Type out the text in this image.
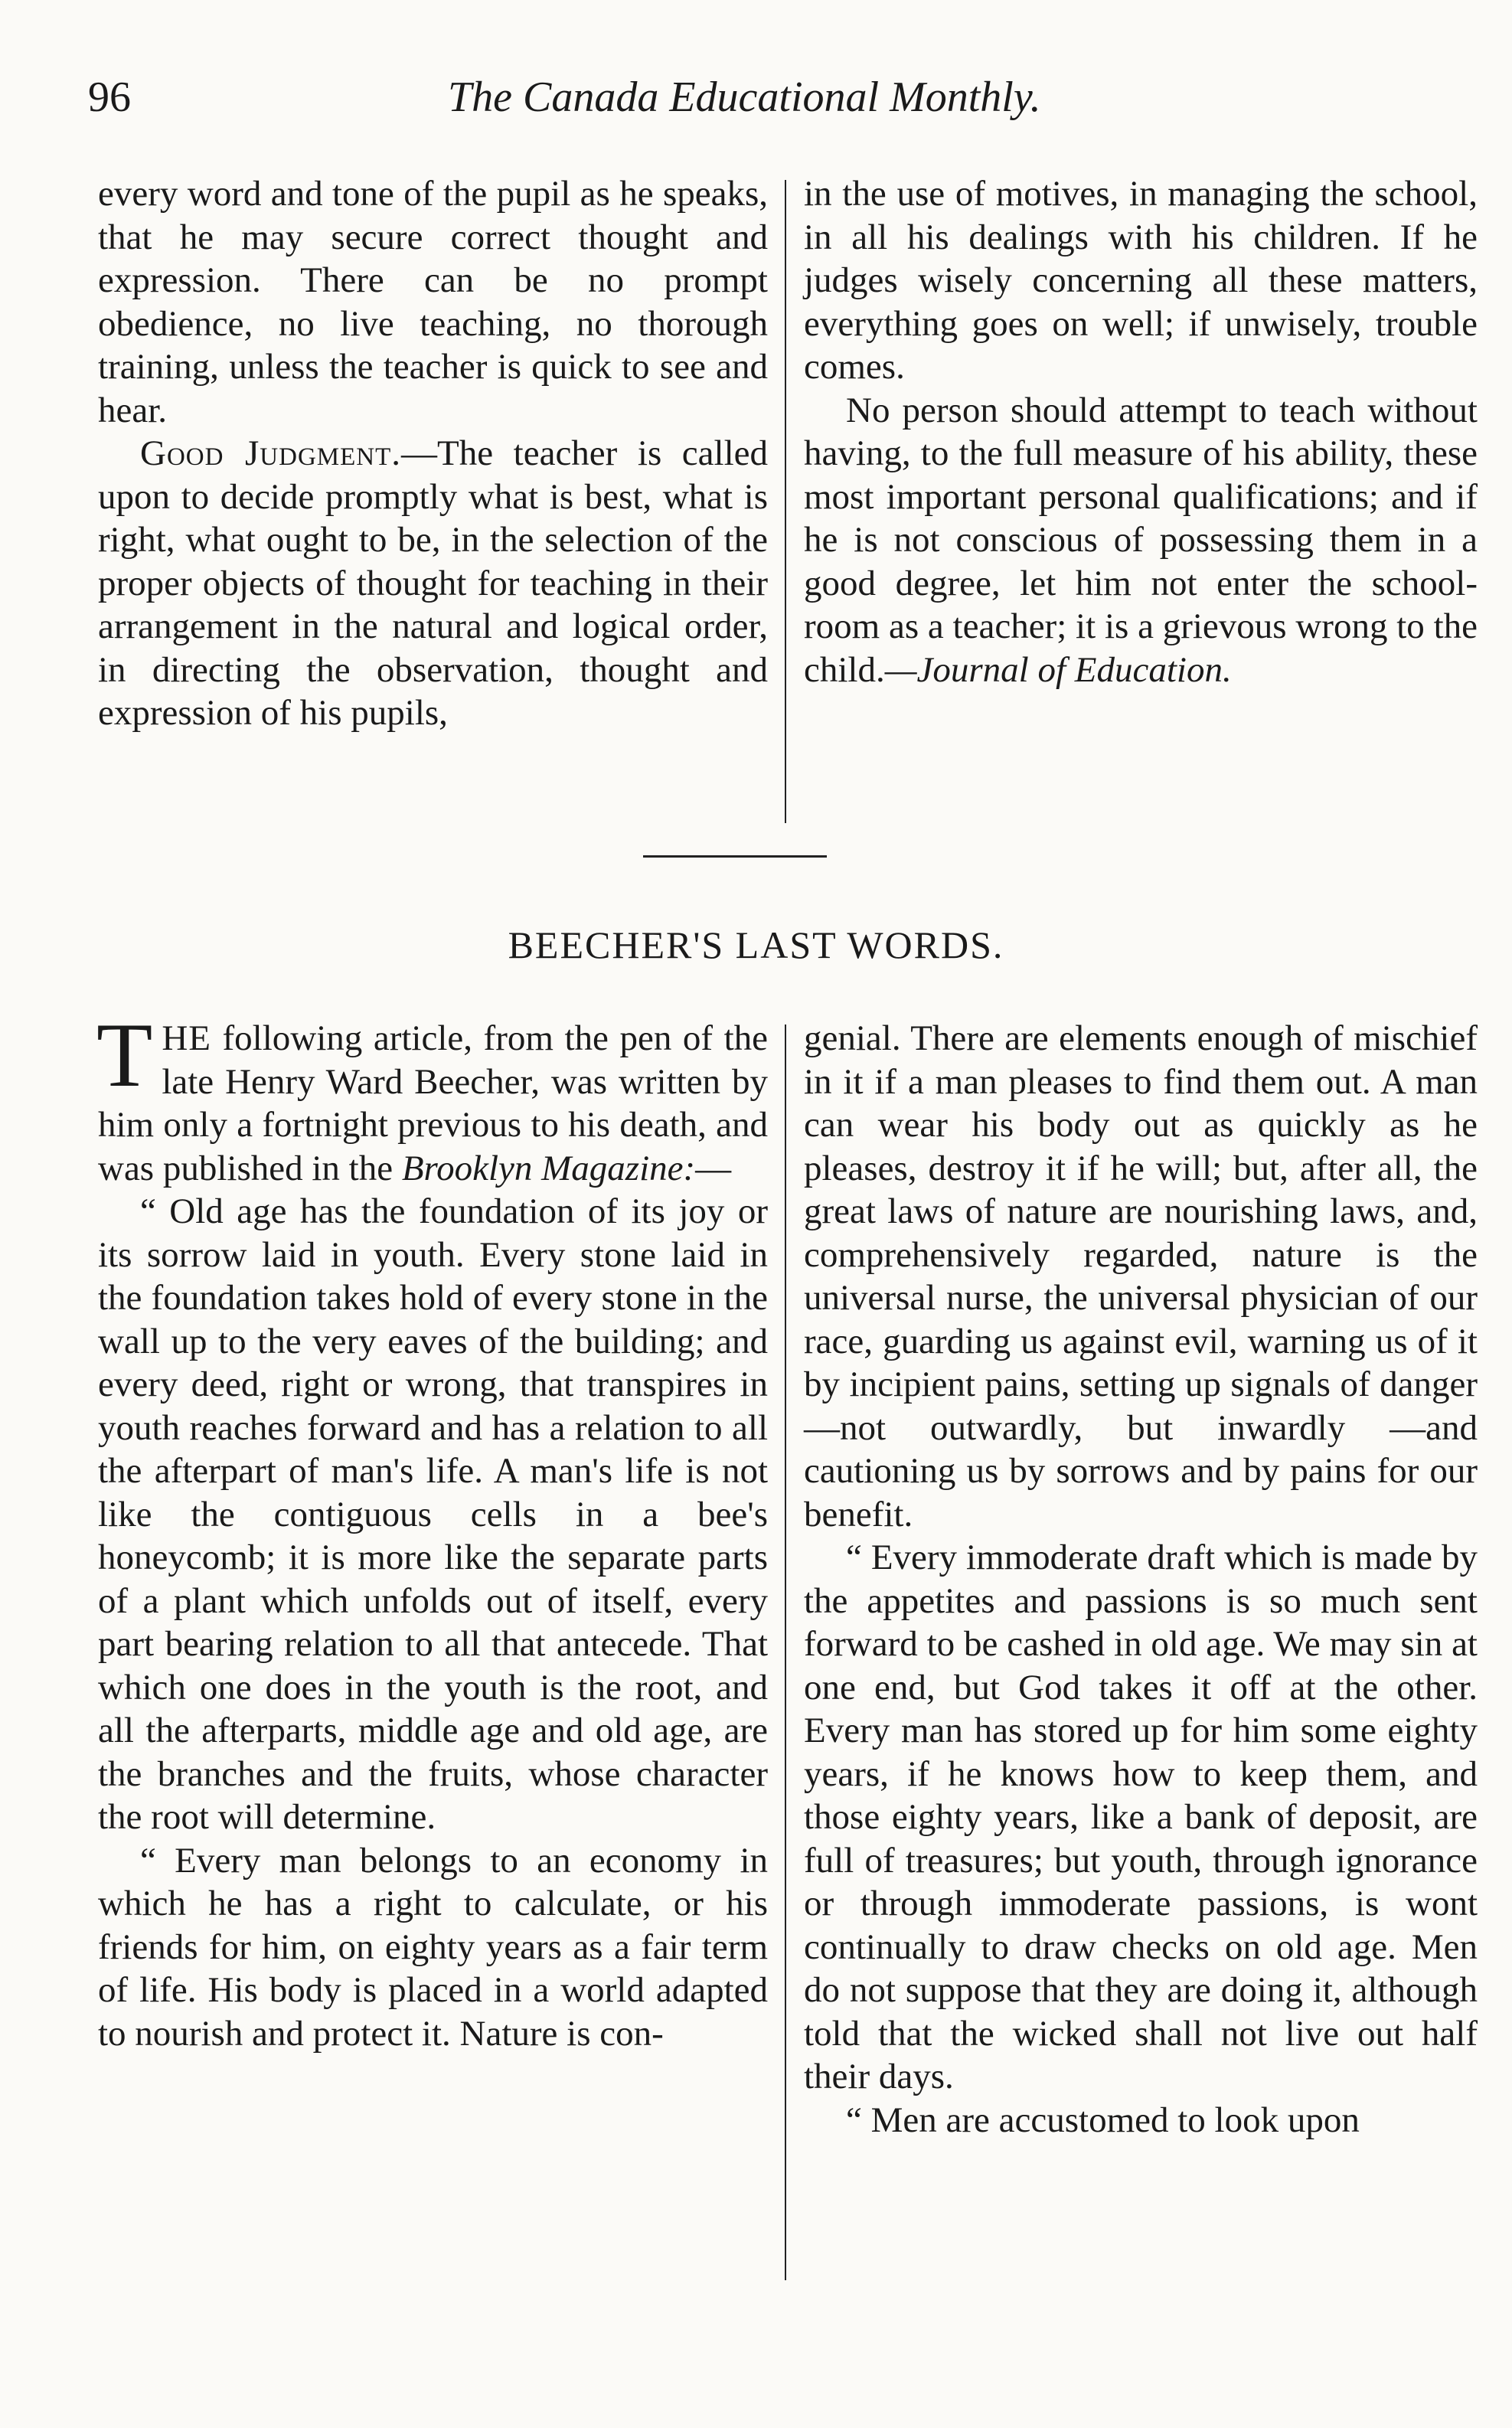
96	The Canada Educational Monthly.

every word and tone of the pupil as he speaks, that he may secure correct thought and expression. There can be no prompt obedience, no live teaching, no thorough training, unless the teacher is quick to see and hear.

Good Judgment.—The teacher is called upon to decide promptly what is best, what is right, what ought to be, in the selection of the proper objects of thought for teaching in their arrangement in the natural and logical order, in directing the observation, thought and expression of his pupils,

in the use of motives, in managing the school, in all his dealings with his children. If he judges wisely concerning all these matters, everything goes on well; if unwisely, trouble comes.

No person should attempt to teach without having, to the full measure of his ability, these most important personal qualifications; and if he is not conscious of possessing them in a good degree, let him not enter the school-room as a teacher; it is a grievous wrong to the child.—Journal of Education.

BEECHER'S LAST WORDS.

THE following article, from the pen of the late Henry Ward Beecher, was written by him only a fortnight previous to his death, and was published in the Brooklyn Magazine:—

“ Old age has the foundation of its joy or its sorrow laid in youth. Every stone laid in the foundation takes hold of every stone in the wall up to the very eaves of the building; and every deed, right or wrong, that transpires in youth reaches forward and has a relation to all the afterpart of man's life. A man's life is not like the contiguous cells in a bee's honeycomb; it is more like the separate parts of a plant which unfolds out of itself, every part bearing relation to all that antecede. That which one does in the youth is the root, and all the afterparts, middle age and old age, are the branches and the fruits, whose character the root will determine.

“ Every man belongs to an economy in which he has a right to calculate, or his friends for him, on eighty years as a fair term of life. His body is placed in a world adapted to nourish and protect it. Nature is con-

genial. There are elements enough of mischief in it if a man pleases to find them out. A man can wear his body out as quickly as he pleases, destroy it if he will; but, after all, the great laws of nature are nourishing laws, and, comprehensively regarded, nature is the universal nurse, the universal physician of our race, guarding us against evil, warning us of it by incipient pains, setting up signals of danger—not outwardly, but inwardly —and cautioning us by sorrows and by pains for our benefit.

“ Every immoderate draft which is made by the appetites and passions is so much sent forward to be cashed in old age. We may sin at one end, but God takes it off at the other. Every man has stored up for him some eighty years, if he knows how to keep them, and those eighty years, like a bank of deposit, are full of treasures; but youth, through ignorance or through immoderate passions, is wont continually to draw checks on old age. Men do not suppose that they are doing it, although told that the wicked shall not live out half their days.

“ Men are accustomed to look upon
